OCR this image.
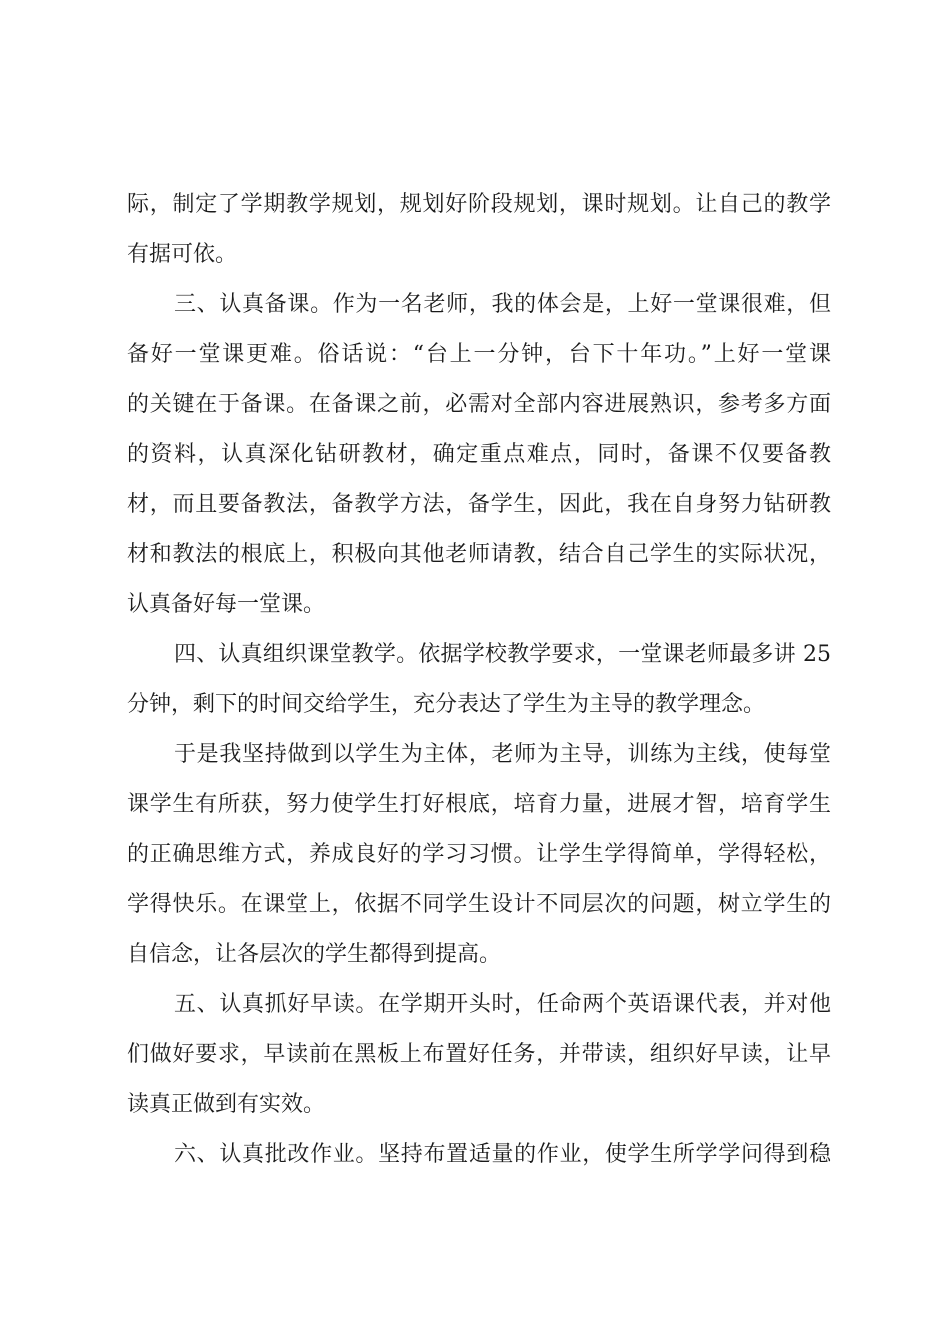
际，制定了学期教学规划，规划好阶段规划，课时规划。让自己的教学
有据可依。
三、认真备课。作为一名老师，我的体会是，上好一堂课很难，但
备好一堂课更难。俗话说：“台上一分钟，台下十年功。”上好一堂课
的关键在于备课。在备课之前，必需对全部内容进展熟识，参考多方面
的资料，认真深化钻研教材，确定重点难点，同时，备课不仅要备教
材，而且要备教法，备教学方法，备学生，因此，我在自身努力钻研教
材和教法的根底上，积极向其他老师请教，结合自己学生的实际状况，
认真备好每一堂课。
四、认真组织课堂教学。依据学校教学要求，一堂课老师最多讲 25
分钟，剩下的时间交给学生，充分表达了学生为主导的教学理念。
于是我坚持做到以学生为主体，老师为主导，训练为主线，使每堂
课学生有所获，努力使学生打好根底，培育力量，进展才智，培育学生
的正确思维方式，养成良好的学习习惯。让学生学得简单，学得轻松，
学得快乐。在课堂上，依据不同学生设计不同层次的问题，树立学生的
自信念，让各层次的学生都得到提高。
五、认真抓好早读。在学期开头时，任命两个英语课代表，并对他
们做好要求，早读前在黑板上布置好任务，并带读，组织好早读，让早
读真正做到有实效。
六、认真批改作业。坚持布置适量的作业，使学生所学学问得到稳
